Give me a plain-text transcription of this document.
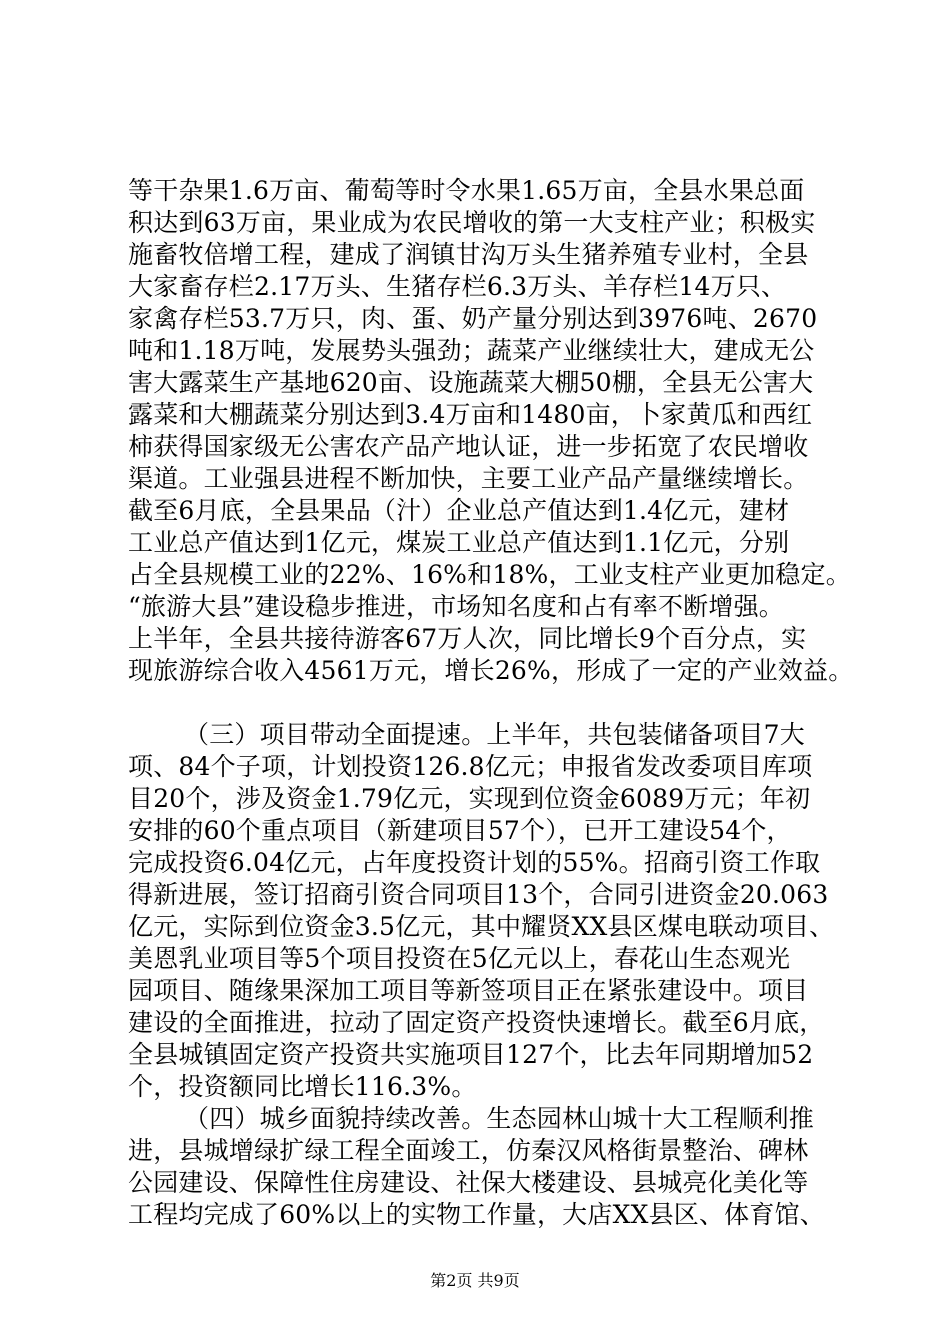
等干杂果1.6万亩、葡萄等时令水果1.65万亩，全县水果总面
积达到63万亩，果业成为农民增收的第一大支柱产业；积极实
施畜牧倍增工程，建成了润镇甘沟万头生猪养殖专业村，全县
大家畜存栏2.17万头、生猪存栏6.3万头、羊存栏14万只、
家禽存栏53.7万只，肉、蛋、奶产量分别达到3976吨、2670
吨和1.18万吨，发展势头强劲；蔬菜产业继续壮大，建成无公
害大露菜生产基地620亩、设施蔬菜大棚50棚，全县无公害大
露菜和大棚蔬菜分别达到3.4万亩和1480亩，卜家黄瓜和西红
柿获得国家级无公害农产品产地认证，进一步拓宽了农民增收
渠道。工业强县进程不断加快，主要工业产品产量继续增长。
截至6月底，全县果品（汁）企业总产值达到1.4亿元，建材
工业总产值达到1亿元，煤炭工业总产值达到1.1亿元，分别
占全县规模工业的22%、16%和18%，工业支柱产业更加稳定。
“旅游大县”建设稳步推进，市场知名度和占有率不断增强。
上半年，全县共接待游客67万人次，同比增长9个百分点，实
现旅游综合收入4561万元，增长26%，形成了一定的产业效益。
（三）项目带动全面提速。上半年，共包装储备项目7大
项、84个子项，计划投资126.8亿元；申报省发改委项目库项
目20个，涉及资金1.79亿元，实现到位资金6089万元；年初
安排的60个重点项目（新建项目57个），已开工建设54个，
完成投资6.04亿元，占年度投资计划的55%。招商引资工作取
得新进展，签订招商引资合同项目13个，合同引进资金20.063
亿元，实际到位资金3.5亿元，其中耀贤XX县区煤电联动项目、
美恩乳业项目等5个项目投资在5亿元以上，春花山生态观光
园项目、随缘果深加工项目等新签项目正在紧张建设中。项目
建设的全面推进，拉动了固定资产投资快速增长。截至6月底，
全县城镇固定资产投资共实施项目127个，比去年同期增加52
个，投资额同比增长116.3%。
（四）城乡面貌持续改善。生态园林山城十大工程顺利推
进，县城增绿扩绿工程全面竣工，仿秦汉风格街景整治、碑林
公园建设、保障性住房建设、社保大楼建设、县城亮化美化等
工程均完成了60%以上的实物工作量，大店XX县区、体育馆、
第2页 共9页
